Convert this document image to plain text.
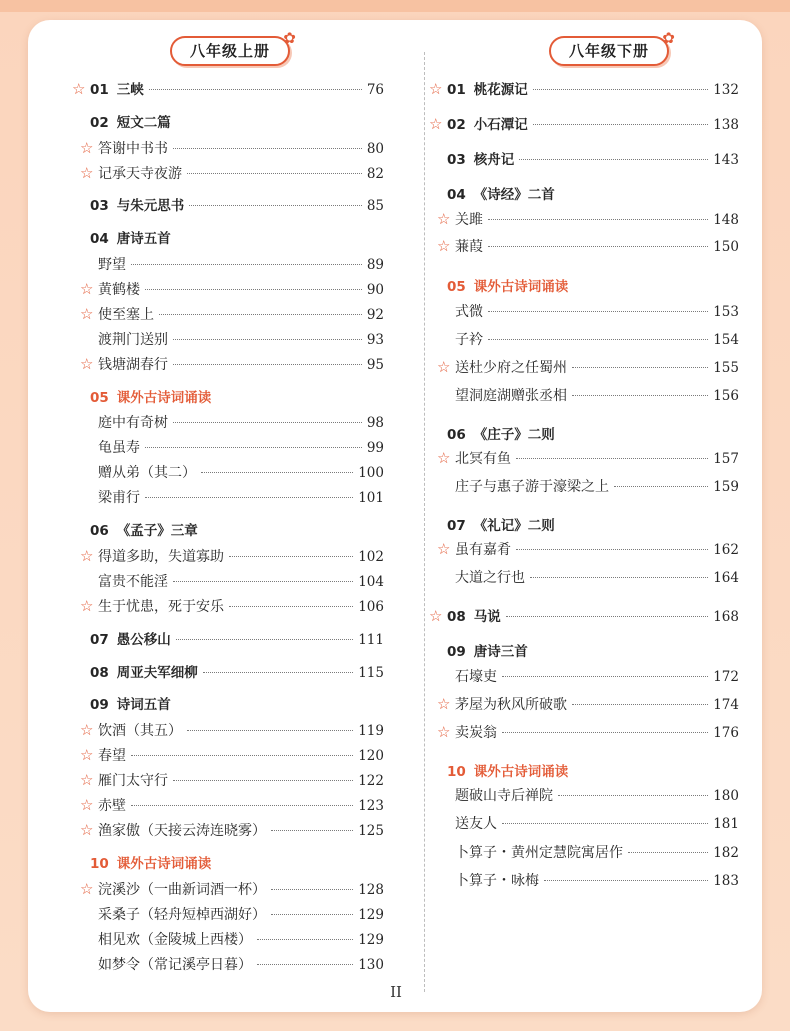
八年级上册
✿
☆ 01 三峡	76
02 短文二篇
☆ 答谢中书书	80
☆ 记承天寺夜游	82
03 与朱元思书	85
04 唐诗五首
野望	89
☆ 黄鹤楼	90
☆ 使至塞上	92
渡荆门送别	93
☆ 钱塘湖春行	95
05 课外古诗词诵读
庭中有奇树	98
龟虽寿	99
赠从弟（其二）	100
梁甫行	101
06 《孟子》三章
☆ 得道多助，失道寡助	102
富贵不能淫	104
☆ 生于忧患，死于安乐	106
07 愚公移山	111
08 周亚夫军细柳	115
09 诗词五首
☆ 饮酒（其五）	119
☆ 春望	120
☆ 雁门太守行	122
☆ 赤壁	123
☆ 渔家傲（天接云涛连晓雾）	125
10 课外古诗词诵读
☆ 浣溪沙（一曲新词酒一杯）	128
采桑子（轻舟短棹西湖好）	129
相见欢（金陵城上西楼）	129
如梦令（常记溪亭日暮）	130
八年级下册
✿
☆ 01 桃花源记	132
☆ 02 小石潭记	138
03 核舟记	143
04 《诗经》二首
☆ 关雎	148
☆ 蒹葭	150
05 课外古诗词诵读
式微	153
子衿	154
☆ 送杜少府之任蜀州	155
望洞庭湖赠张丞相	156
06 《庄子》二则
☆ 北冥有鱼	157
庄子与惠子游于濠梁之上	159
07 《礼记》二则
☆ 虽有嘉肴	162
大道之行也	164
☆ 08 马说	168
09 唐诗三首
石壕吏	172
☆ 茅屋为秋风所破歌	174
☆ 卖炭翁	176
10 课外古诗词诵读
题破山寺后禅院	180
送友人	181
卜算子・黄州定慧院寓居作	182
卜算子・咏梅	183
II
